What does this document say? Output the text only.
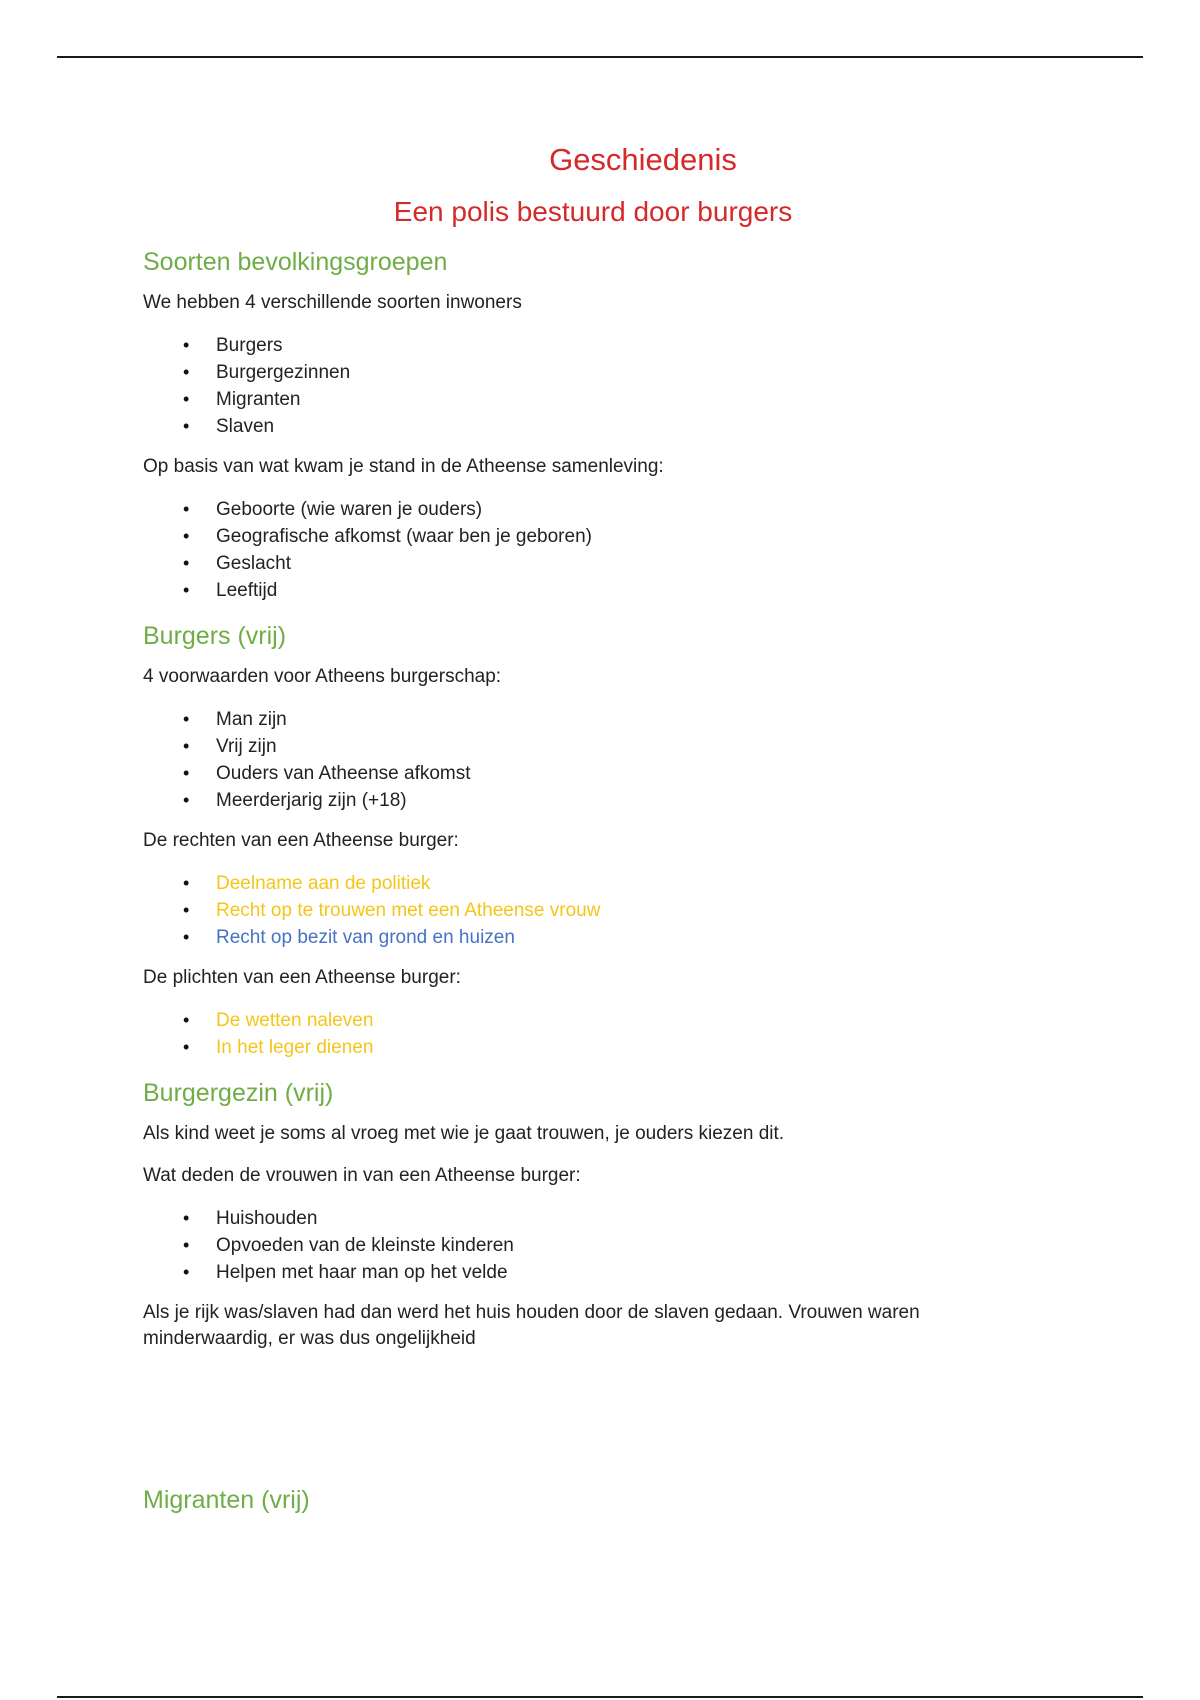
Geschiedenis
Een polis bestuurd door burgers
Soorten bevolkingsgroepen

We hebben 4 verschillende soorten inwoners

•	Burgers
•	Burgergezinnen
•	Migranten
•	Slaven

Op basis van wat kwam je stand in de Atheense samenleving:

•	Geboorte (wie waren je ouders)
•	Geografische afkomst (waar ben je geboren)
•	Geslacht
•	Leeftijd
Burgers (vrij)

4 voorwaarden voor Atheens burgerschap:

•	Man zijn
•	Vrij zijn
•	Ouders van Atheense afkomst
•	Meerderjarig zijn (+18)

De rechten van een Atheense burger:

•	Deelname aan de politiek
•	Recht op te trouwen met een Atheense vrouw
•	Recht op bezit van grond en huizen

De plichten van een Atheense burger:

•	De wetten naleven
•	In het leger dienen
Burgergezin (vrij)

Als kind weet je soms al vroeg met wie je gaat trouwen, je ouders kiezen dit.

Wat deden de vrouwen in van een Atheense burger:

•	Huishouden
•	Opvoeden van de kleinste kinderen
•	Helpen met haar man op het velde

Als je rijk was/slaven had dan werd het huis houden door de slaven gedaan. Vrouwen waren minderwaardig, er was dus ongelijkheid

Migranten (vrij)
